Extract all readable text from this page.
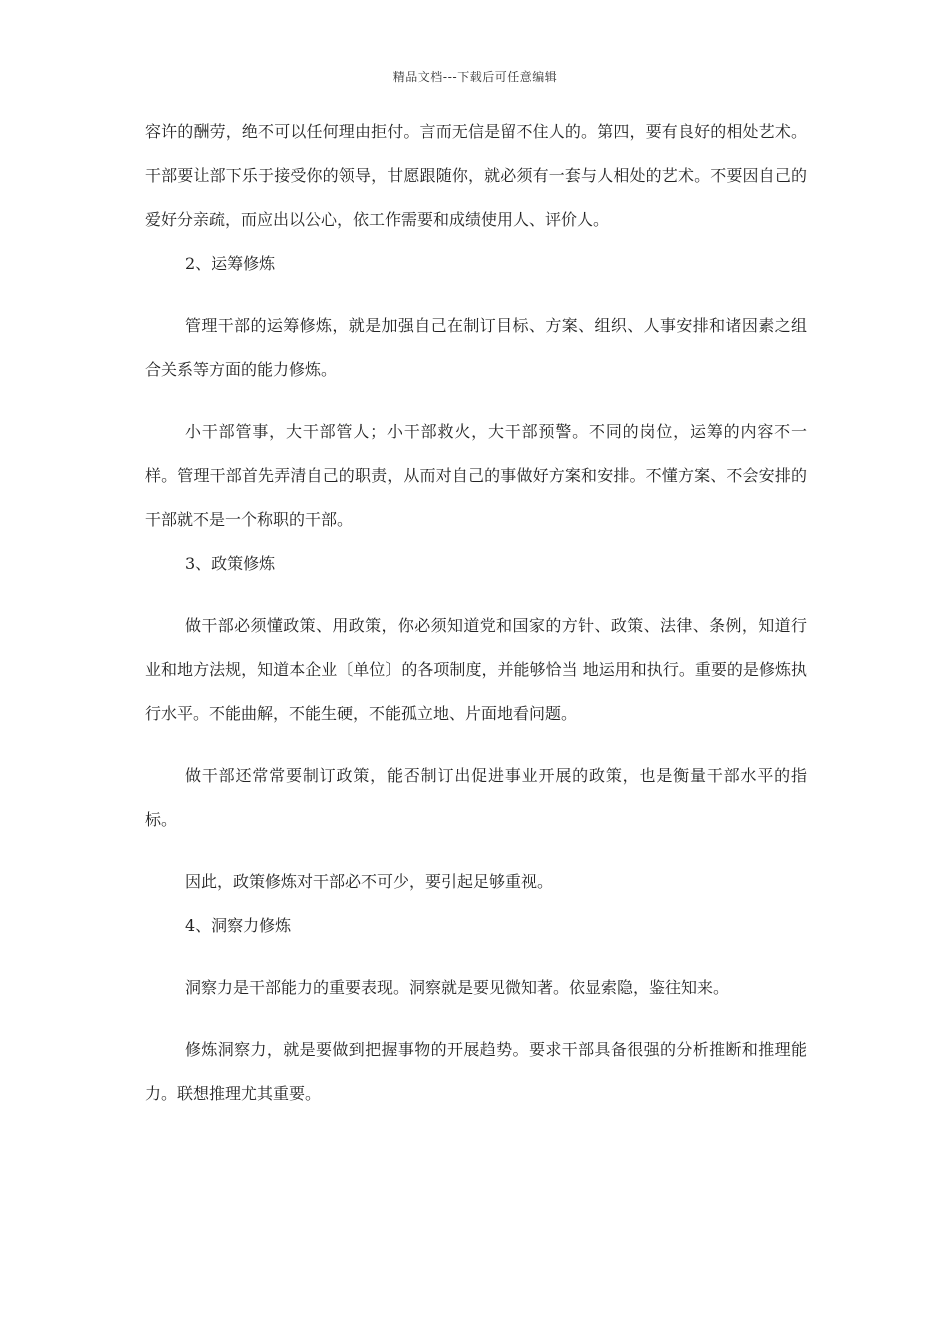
精品文档---下载后可任意编辑

容许的酬劳，绝不可以任何理由拒付。言而无信是留不住人的。第四，要有良好的相处艺术。干部要让部下乐于接受你的领导，甘愿跟随你，就必须有一套与人相处的艺术。不要因自己的爱好分亲疏，而应出以公心，依工作需要和成绩使用人、评价人。

2、运筹修炼

管理干部的运筹修炼，就是加强自己在制订目标、方案、组织、人事安排和诸因素之组合关系等方面的能力修炼。

小干部管事，大干部管人；小干部救火，大干部预警。不同的岗位，运筹的内容不一样。管理干部首先弄清自己的职责，从而对自己的事做好方案和安排。不懂方案、不会安排的干部就不是一个称职的干部。

3、政策修炼

做干部必须懂政策、用政策，你必须知道党和国家的方针、政策、法律、条例，知道行业和地方法规，知道本企业〔单位〕的各项制度，并能够恰当 地运用和执行。重要的是修炼执行水平。不能曲解，不能生硬，不能孤立地、片面地看问题。

做干部还常常要制订政策，能否制订出促进事业开展的政策，也是衡量干部水平的指标。

因此，政策修炼对干部必不可少，要引起足够重视。

4、洞察力修炼

洞察力是干部能力的重要表现。洞察就是要见微知著。依显索隐，鉴往知来。

修炼洞察力，就是要做到把握事物的开展趋势。要求干部具备很强的分析推断和推理能力。联想推理尤其重要。
